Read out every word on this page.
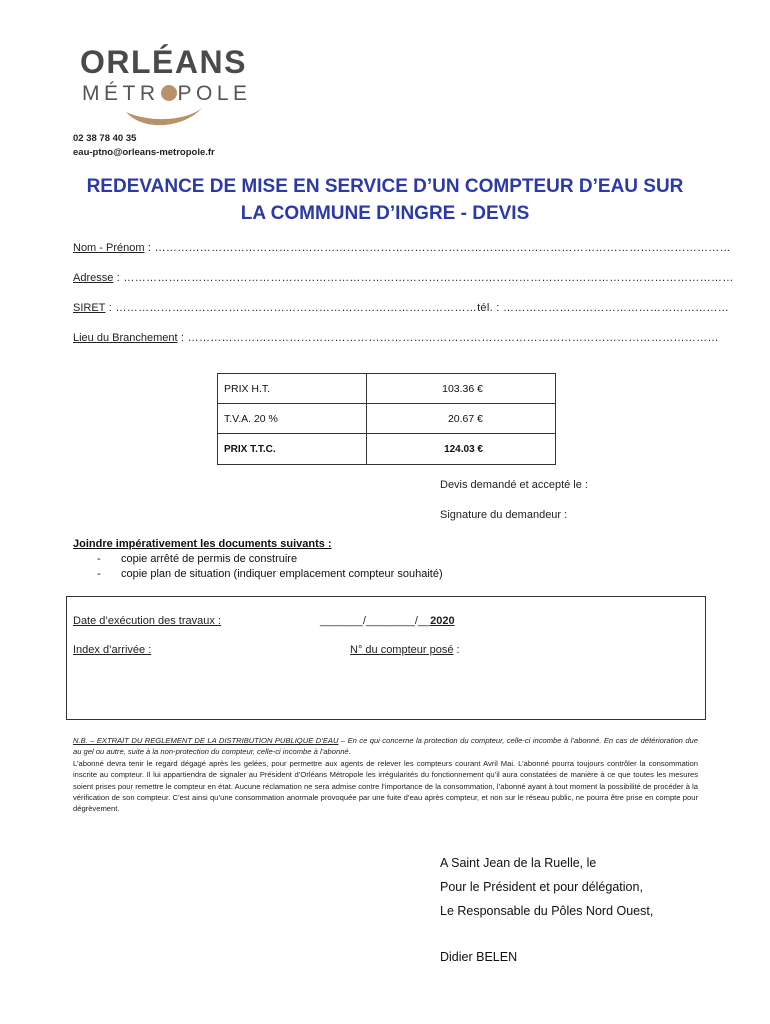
ORLÉANS
MÉTR POLE
02 38 78 40 35
eau-ptno@orleans-metropole.fr
REDEVANCE DE MISE EN SERVICE D’UN COMPTEUR D’EAU SUR
LA COMMUNE D’INGRE - DEVIS
Nom - Prénom : ………………………………………………………………………………………………………………………………………
Adresse : ………………………………………………………………………………………………………………………………………………
SIRET : ……………………………………………………………………………………tél. : ……………………………………………………
Lieu du Branchement : ……………………………………………………………………………………………………………………………
PRIX H.T.	103.36 €
T.V.A. 20 %	20.67 €
PRIX T.T.C.	124.03 €
Devis demandé et accepté le :
Signature du demandeur :
Joindre impérativement les documents suivants :
- copie arrêté de permis de construire
- copie plan de situation (indiquer emplacement compteur souhaité)
Date d’exécution des travaux :	_______/________/__2020
Index d’arrivée :	N° du compteur posé :
N.B. – EXTRAIT DU REGLEMENT DE LA DISTRIBUTION PUBLIQUE D’EAU – En ce qui concerne la protection du compteur, celle-ci incombe à l’abonné. En cas de détérioration due au gel ou autre, suite à la non-protection du compteur, celle-ci incombe à l’abonné.
L’abonné devra tenir le regard dégagé après les gelées, pour permettre aux agents de relever les compteurs courant Avril Mai. L’abonné pourra toujours contrôler la consommation inscrite au compteur. Il lui appartiendra de signaler au Président d’Orléans Métropole les irrégularités du fonctionnement qu’il aura constatées de manière à ce que toutes les mesures soient prises pour remettre le compteur en état. Aucune réclamation ne sera admise contre l’importance de la consommation, l’abonné ayant à tout moment la possibilité de procéder à la vérification de son compteur. C’est ainsi qu’une consommation anormale provoquée par une fuite d’eau après compteur, et non sur le réseau public, ne pourra être prise en compte pour dégrèvement.
A Saint Jean de la Ruelle, le
Pour le Président et pour délégation,
Le Responsable du Pôles Nord Ouest,
Didier BELEN
